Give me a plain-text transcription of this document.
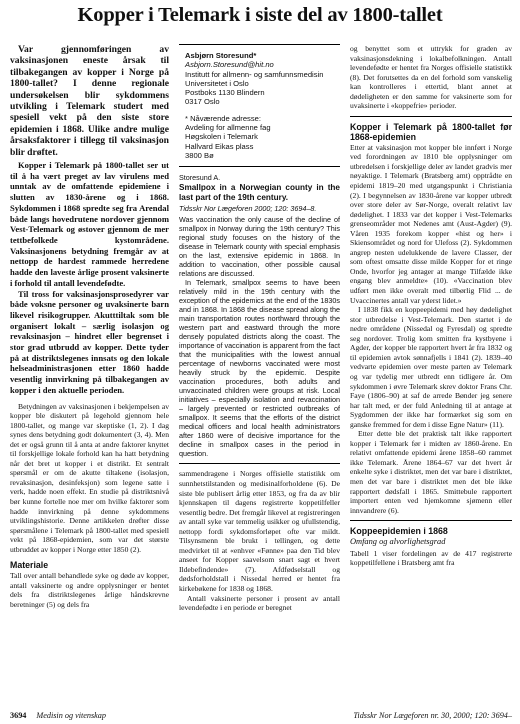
Kopper i Telemark i siste del av 1800-tallet

Var gjennomføringen av vaksinasjonen eneste årsak til tilbakegangen av kopper i Norge på 1800-tallet? I denne regionale undersøkelsen blir sykdommens utvikling i Telemark studert med spesiell vekt på den siste store epidemien i 1868. Ulike andre mulige årsaksfaktorer i tillegg til vaksinasjon blir drøftet.

Kopper i Telemark på 1800-tallet ser ut til å ha vært preget av lav virulens med unntak av de omfattende epidemiene i slutten av 1830-årene og i 1868. Sykdommen i 1868 spredte seg fra Arendal både langs hovedrutene nordover gjennom Vest-Telemark og østover gjennom de mer tettbefolkede kystområdene. Vaksinasjonens betydning fremgår av at nettopp de hardest rammede herredene hadde den laveste årlige prosent vaksinerte i forhold til antall levendefødte.

Til tross for vaksinasjonsprosedyrer var både voksne personer og uvaksinerte barn likevel risikogrupper. Akutttiltak som ble organisert lokalt – særlig isolasjon og revaksinasjon – hindret eller begrenset i stor grad utbrudd av kopper. Dette tyder på at distriktslegenes innsats og den lokale helseadministrasjonen etter 1860 hadde vesentlig innvirkning på tilbakegangen av kopper i den aktuelle perioden.

Betydningen av vaksinasjonen i bekjempelsen av kopper ble diskutert på legehold gjennom hele 1800-tallet, og mange var skeptiske (1, 2). I dag synes dens betydning godt dokumentert (3, 4). Men det er også grunn til å anta at andre faktorer knyttet til forskjellige lokale forhold kan ha hatt betydning når det bret ut kopper i et distrikt. Et sentralt spørsmål er om de akutte tiltakene (isolasjon, revaksinasjon, desinfeksjon) som legene satte i verk, hadde noen effekt. En studie på distriktsnivå bør kunne fortelle noe mer om hvilke faktorer som hadde innvirkning på denne sykdommens utviklingshistorie. Denne artikkelen drøfter disse spørsmålene i Telemark på 1800-tallet med spesiell vekt på 1868-epidemien, som var det største utbruddet av kopper i Norge etter 1850 (2).

Materiale

Tall over antall behandlede syke og døde av kopper, antall vaksinerte og andre opplysninger er hentet dels fra distriktslegenes årlige håndskrevne beretninger (5) og dels fra

Asbjørn Storesund*
Asbjorn.Storesund@hit.no
Institutt for allmenn- og samfunnsmedisin
Universitetet i Oslo
Postboks 1130 Blindern
0317 Oslo
* Nåværende adresse:
Avdeling for allmenne fag
Høgskolen i Telemark
Hallvard Eikas plass
3800 Bø
Storesund A.
Smallpox in a Norwegian county in the last part of the 19th century.
Tidsskr Nor Lægeforen 2000; 120: 3694–8.

Was vaccination the only cause of the decline of smallpox in Norway during the 19th century? This regional study focuses on the history of the disease in Telemark county with special emphasis on the last, extensive epidemic in 1868. In addition to vaccination, other possible causal relations are discussed.

In Telemark, smallpox seems to have been relatively mild in the 19th century with the exception of the epidemics at the end of the 1830s and in 1868. In 1868 the disease spread along the main transportation routes northward through the western part and eastward through the more densely populated districts along the coast. The importance of vaccination is apparent from the fact that the municipalities with the lowest annual percentage of newborns vaccinated were most heavily struck by the epidemic. Despite vaccination procedures, both adults and unvaccinated children were groups at risk. Local initiatives – especially isolation and revaccination – largely prevented or restricted outbreaks of smallpox. It seems that the efforts of the district medical officers and local health administrators after 1860 were of decisive importance for the decline in smallpox cases in the period in question.

sammendragene i Norges offisielle statistikk om sunnhetstilstanden og medisinalforholdene (6). De siste ble publisert årlig etter 1853, og fra da av blir kjennskapen til dagens registrerte koppetilfeller vesentlig bedre. Det fremgår likevel at registreringen av antall syke var temmelig usikker og ufullstendig, nettopp fordi sykdomsforløpet ofte var mildt. Tilsynsmenn ble brukt i tellingen, og dette medvirket til at «enhver «Fønne» paa den Tid blev anseet for Kopper saavelsom snart sagt et hvert Ildebefindende» (7). Afdfødselstall og dødsforholdstall i Nissedal herred er hentet fra kirkebøkene for 1838 og 1868.

Antall vaksinerte personer i prosent av antall levendefødte i en periode er beregnet

og benyttet som et uttrykk for graden av vaksinasjonsdekning i lokalbefolkningen. Antall levendefødte er hentet fra Norges offisielle statistikk (8). Det forutsettes da en del forhold som vanskelig kan kontrolleres i ettertid, blant annet at dødeligheten er den samme for vaksinerte som for uvaksinerte i «koppefrie» perioder.

Kopper i Telemark på 1800-tallet før 1868-epidemien

Etter at vaksinasjon mot kopper ble innført i Norge ved forordningen av 1810 ble opplysninger om utbredelsen i forskjellige deler av landet gradvis mer nøyaktige. I Telemark (Bratsberg amt) opptrådte en epidemi 1819–20 med utgangspunkt i Christiania (2). I begynnelsen av 1830-årene var kopper utbredt over store deler av Sør-Norge, overalt relativt lav dødelighet. I 1833 var det kopper i Vest-Telemarks grenseområder mot Nedenes amt (Aust-Agder) (9). Våren 1935 forekom kopper «hist og her» i Skiensområdet og nord for Ulefoss (2). Sykdommen angrep nesten udelukkende de lavere Classer, der som oftest omsatte disse milde Kopper for et ringe Onde, hvorfor jeg antager at mange Tilfælde ikke engang blev anmeldte» (10). «Vaccination blev udført men ikke overalt med tilbørlig Flid ... de Uvaccinertes antall var yderst lidet.»

I 1838 fikk en koppeepidemi med høy dødelighet stor utbredelse i Vest-Telemark. Den startet i de nedre områdene (Nissedal og Fyresdal) og spredte seg nordover. Trolig kom smitten fra kystbyene i Agder, der kopper ble rapportert hvert år fra 1832 og til epidemien avtok sønnafjells i 1841 (2). 1839–40 vedvarte epidemien over meste parten av Telemark og var tydelig mer utbredt enn tidligere år. Om sykdommen i øvre Telemark skrev doktor Frans Chr. Faye (1806–90) at saf de arrede Bønder jeg senere har talt med, er der fuld Anledning til at antage at Sygdommen der ikke har formærket sig som en ganske fremmed for dem i disse Egne Natur» (11).

Etter dette ble det praktisk talt ikke rapportert kopper i Telemark før i midten av 1860-årene. En relativt omfattende epidemi årene 1858–60 rammet ikke Telemark. Årene 1864–67 var det hvert år enkelte syke i distriktet, men det var bare i distriktet, men det var bare i distriktet men det ble ikke rapportert dødsfall i 1865. Smittebule rapportert importert enten ved hjemkomne sjømenn eller innvandrere (6).

Koppeepidemien i 1868
Omfang og alvorlighetsgrad

Tabell 1 viser fordelingen av de 417 registrerte koppetilfellene i Bratsberg amt fra

3694 Medisin og vitenskap	Tidsskr Nor Lægeforen nr. 30, 2000; 120: 3694–
